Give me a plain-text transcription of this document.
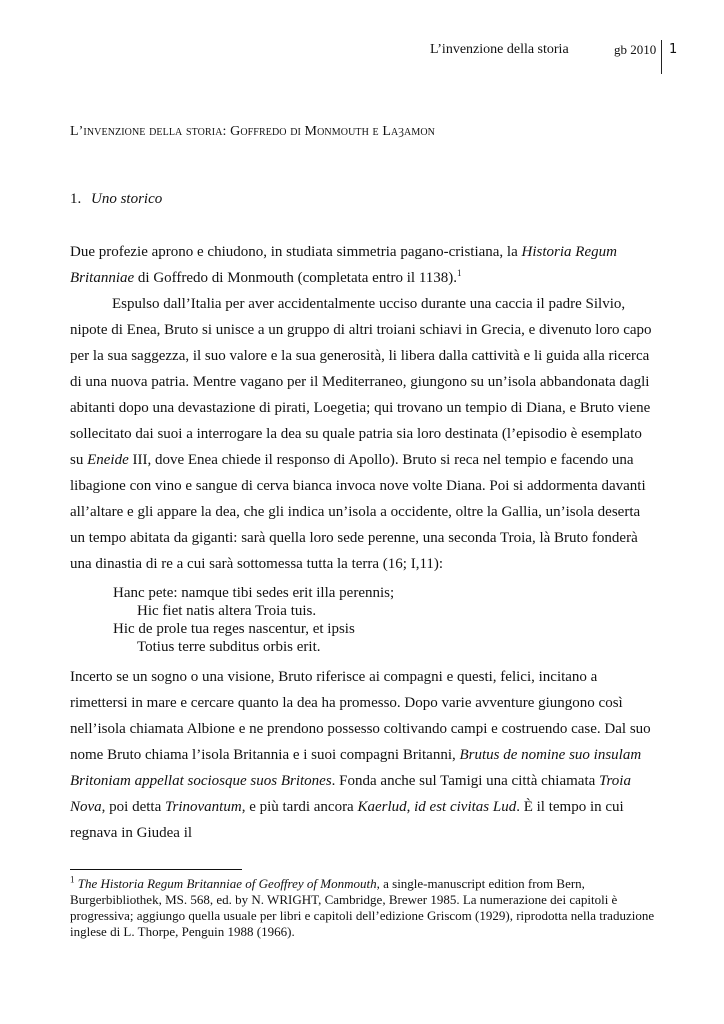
L’invenzione della storia	gb 2010 1
L’invenzione della storia: Goffredo di Monmouth e Laȝamon
1. Uno storico
Due profezie aprono e chiudono, in studiata simmetria pagano-cristiana, la Historia Regum Britanniae di Goffredo di Monmouth (completata entro il 1138).$^1$
Espulso dall’Italia per aver accidentalmente ucciso durante una caccia il padre Silvio, nipote di Enea, Bruto si unisce a un gruppo di altri troiani schiavi in Grecia, e divenuto loro capo per la sua saggezza, il suo valore e la sua generosità, li libera dalla cattività e li guida alla ricerca di una nuova patria. Mentre vagano per il Mediterraneo, giungono su un’isola abbandonata dagli abitanti dopo una devastazione di pirati, Loegetia; qui trovano un tempio di Diana, e Bruto viene sollecitato dai suoi a interrogare la dea su quale patria sia loro destinata (l’episodio è esemplato su Eneide III, dove Enea chiede il responso di Apollo). Bruto si reca nel tempio e facendo una libagione con vino e sangue di cerva bianca invoca nove volte Diana. Poi si addormenta davanti all’altare e gli appare la dea, che gli indica un’isola a occidente, oltre la Gallia, un’isola deserta un tempo abitata da giganti: sarà quella loro sede perenne, una seconda Troia, là Bruto fonderà una dinastia di re a cui sarà sottomessa tutta la terra (16; I,11):
Hanc pete: namque tibi sedes erit illa perennis;
Hic fiet natis altera Troia tuis.
Hic de prole tua reges nascentur, et ipsis
Totius terre subditus orbis erit.
Incerto se un sogno o una visione, Bruto riferisce ai compagni e questi, felici, incitano a rimettersi in mare e cercare quanto la dea ha promesso. Dopo varie avventure giungono così nell’isola chiamata Albione e ne prendono possesso coltivando campi e costruendo case. Dal suo nome Bruto chiama l’isola Britannia e i suoi compagni Britanni, Brutus de nomine suo insulam Britoniam appellat sociosque suos Britones. Fonda anche sul Tamigi una città chiamata Troia Nova, poi detta Trinovantum, e più tardi ancora Kaerlud, id est civitas Lud. È il tempo in cui regnava in Giudea il
$^1$ The Historia Regum Britanniae of Geoffrey of Monmouth, a single-manuscript edition from Bern, Burgerbibliothek, MS. 568, ed. by N. WRIGHT, Cambridge, Brewer 1985. La numerazione dei capitoli è progressiva; aggiungo quella usuale per libri e capitoli dell’edizione Griscom (1929), riprodotta nella traduzione inglese di L. Thorpe, Penguin 1988 (1966).
